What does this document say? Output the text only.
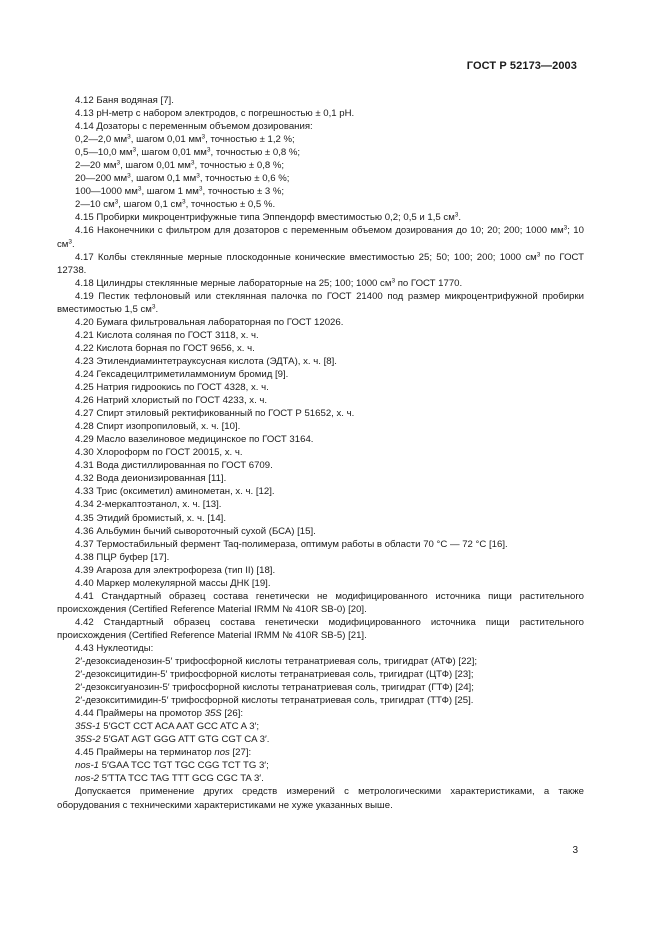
ГОСТ Р 52173—2003

4.12 Баня водяная [7].

4.13 рН-метр с набором электродов, с погрешностью ± 0,1 рН.

4.14 Дозаторы с переменным объемом дозирования:

0,2—2,0 $мм^3$, шагом 0,01 $мм^3$, точностью ± 1,2 %;

0,5—10,0 $мм^3$, шагом 0,01 $мм^3$, точностью ± 0,8 %;

2—20 $мм^3$, шагом 0,01 $мм^3$, точностью ± 0,8 %;

20—200 $мм^3$, шагом 0,1 $мм^3$, точностью ± 0,6 %;

100—1000 $мм^3$, шагом 1 $мм^3$, точностью ± 3 %;

2—10 $см^3$, шагом 0,1 $см^3$, точностью ± 0,5 %.

4.15 Пробирки микроцентрифужные типа Эппендорф вместимостью 0,2; 0,5 и 1,5 $см^3$.

4.16 Наконечники с фильтром для дозаторов с переменным объемом дозирования до 10; 20; 200; 1000 $мм^3$; 10 $см^3$.

4.17 Колбы стеклянные мерные плоскодонные конические вместимостью 25; 50; 100; 200; 1000 $см^3$ по ГОСТ 12738.

4.18 Цилиндры стеклянные мерные лабораторные на 25; 100; 1000 $см^3$ по ГОСТ 1770.

4.19 Пестик тефлоновый или стеклянная палочка по ГОСТ 21400 под размер микроцентрифужной пробирки вместимостью 1,5 $см^3$.

4.20 Бумага фильтровальная лабораторная по ГОСТ 12026.

4.21 Кислота соляная по ГОСТ 3118, х. ч.

4.22 Кислота борная по ГОСТ 9656, х. ч.

4.23 Этилендиаминтетрауксусная кислота (ЭДТА), х. ч. [8].

4.24 Гексадецилтриметиламмониум бромид [9].

4.25 Натрия гидроокись по ГОСТ 4328, х. ч.

4.26 Натрий хлористый по ГОСТ 4233, х. ч.

4.27 Спирт этиловый ректификованный по ГОСТ Р 51652, х. ч.

4.28 Спирт изопропиловый, х. ч. [10].

4.29 Масло вазелиновое медицинское по ГОСТ 3164.

4.30 Хлороформ по ГОСТ 20015, х. ч.

4.31 Вода дистиллированная по ГОСТ 6709.

4.32 Вода деионизированная [11].

4.33 Трис (оксиметил) аминометан, х. ч. [12].

4.34 2-меркаптоэтанол, х. ч. [13].

4.35 Этидий бромистый, х. ч. [14].

4.36 Альбумин бычий сывороточный сухой (БСА) [15].

4.37 Термостабильный фермент Taq-полимераза, оптимум работы в области 70 °С — 72 °С [16].

4.38 ПЦР буфер [17].

4.39 Агароза для электрофореза (тип II) [18].

4.40 Маркер молекулярной массы ДНК [19].

4.41 Стандартный образец состава генетически не модифицированного источника пищи растительного происхождения (Certified Reference Material IRMM № 410R SB-0) [20].

4.42 Стандартный образец состава генетически модифицированного источника пищи растительного происхождения (Certified Reference Material IRMM № 410R SB-5) [21].

4.43 Нуклеотиды:

2′-дезоксиаденозин-5′ трифосфорной кислоты тетранатриевая соль, тригидрат (АТФ) [22];

2′-дезоксицитидин-5′ трифосфорной кислоты тетранатриевая соль, тригидрат (ЦТФ) [23];

2′-дезоксигуанозин-5′ трифосфорной кислоты тетранатриевая соль, тригидрат (ГТФ) [24];

2′-дезокситимидин-5′ трифосфорной кислоты тетранатриевая соль, тригидрат (ТТФ) [25].

4.44 Праймеры на промотор 35S [26]:

35S-1 5′GCT CCT ACA AAT GCC ATC A 3′;

35S-2 5′GAT AGT GGG ATT GTG CGT CA 3′.

4.45 Праймеры на терминатор nos [27]:

nos-1 5′GAA TCC TGT TGC CGG TCT TG 3′;

nos-2 5′TTA TCC TAG TTT GCG CGC TA 3′.

Допускается применение других средств измерений с метрологическими характеристиками, а также оборудования с техническими характеристиками не хуже указанных выше.

3
